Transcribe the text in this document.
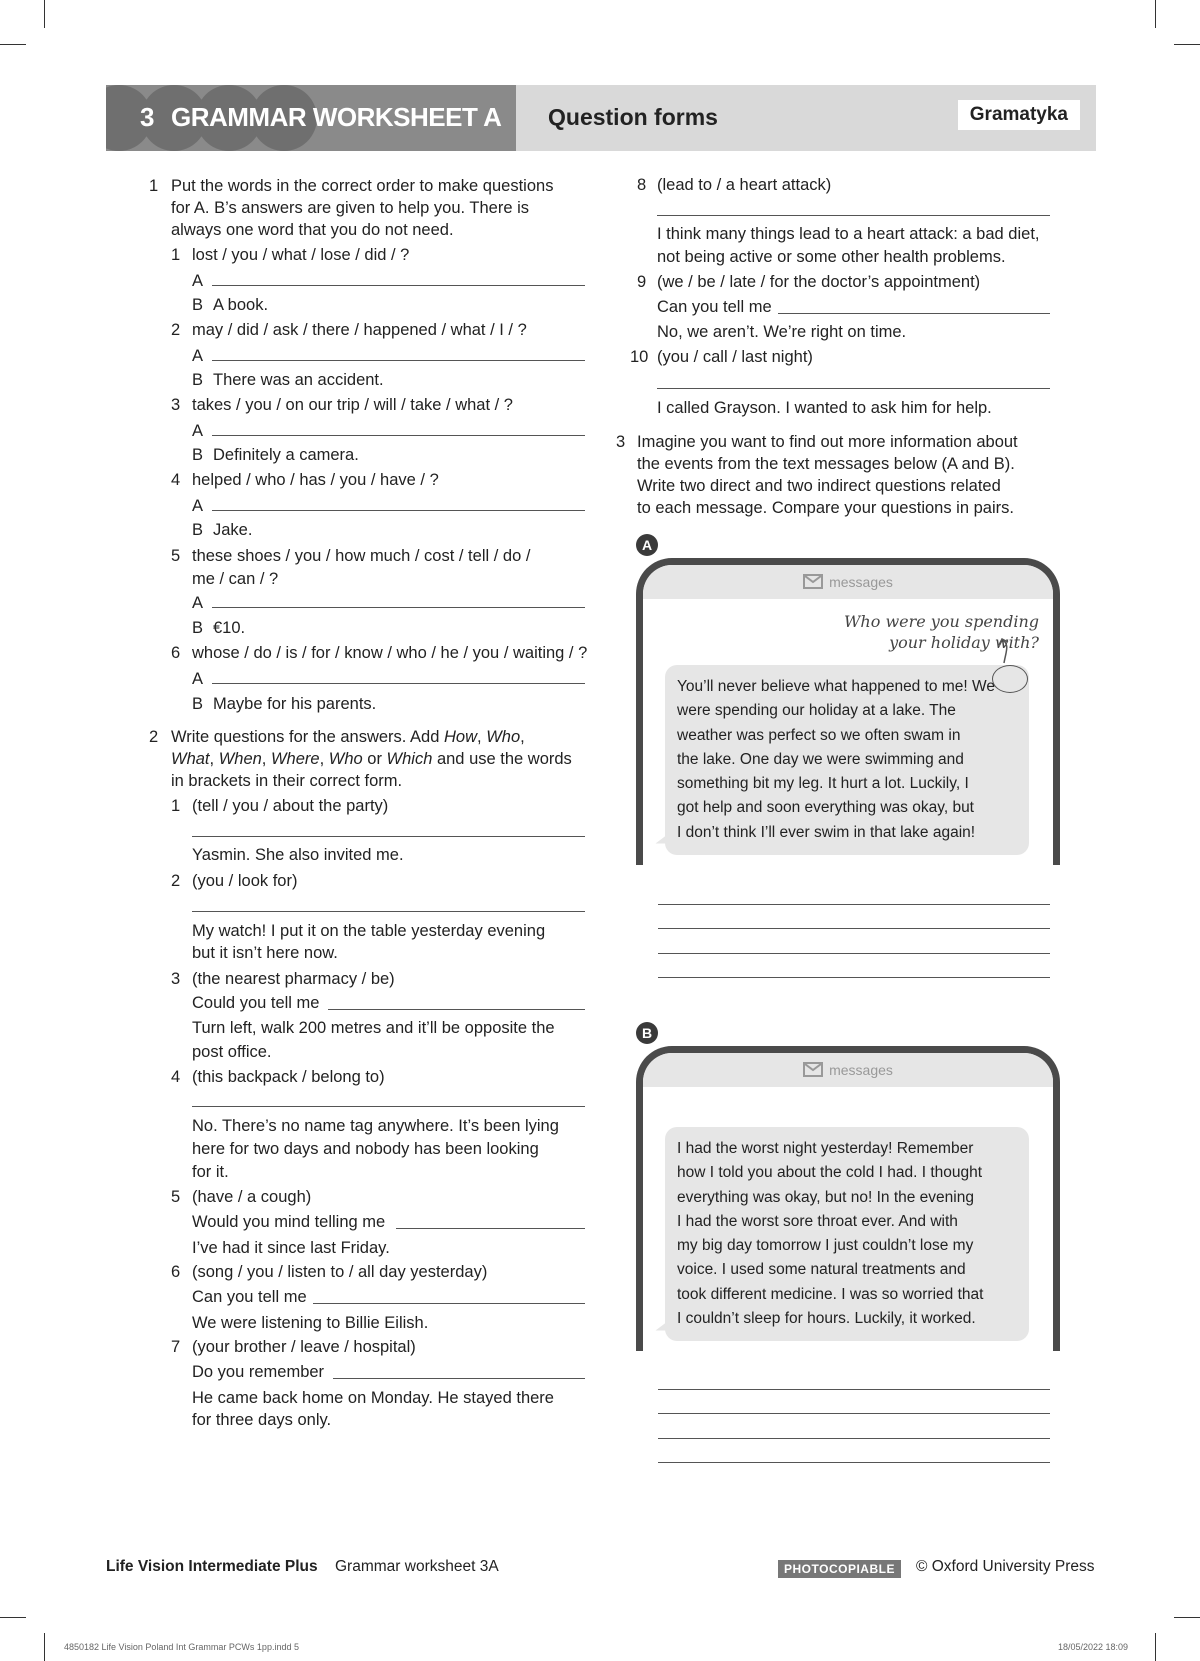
3 GRAMMAR WORKSHEET A Question forms	Gramatyka
1 Put the words in the correct order to make questions
for A. B’s answers are given to help you. There is
always one word that you do not need.
1 lost / you / what / lose / did / ?
A
B A book.
2 may / did / ask / there / happened / what / I / ?
A
B There was an accident.
3 takes / you / on our trip / will / take / what / ?
A
B Definitely a camera.
4 helped / who / has / you / have / ?
A
B Jake.
5 these shoes / you / how much / cost / tell / do /
me / can / ?
A
B €10.
6 whose / do / is / for / know / who / he / you / waiting / ?
A
B Maybe for his parents.
2 Write questions for the answers. Add How, Who,
What, When, Where, Who or Which and use the words
in brackets in their correct form.
1 (tell / you / about the party)
Yasmin. She also invited me.
2 (you / look for)
My watch! I put it on the table yesterday evening
but it isn’t here now.
3 (the nearest pharmacy / be)
Could you tell me
Turn left, walk 200 metres and it’ll be opposite the
post office.
4 (this backpack / belong to)
No. There’s no name tag anywhere. It’s been lying
here for two days and nobody has been looking
for it.
5 (have / a cough)
Would you mind telling me
I’ve had it since last Friday.
6 (song / you / listen to / all day yesterday)
Can you tell me
We were listening to Billie Eilish.
7 (your brother / leave / hospital)
Do you remember
He came back home on Monday. He stayed there
for three days only.
8 (lead to / a heart attack)
I think many things lead to a heart attack: a bad diet,
not being active or some other health problems.
9 (we / be / late / for the doctor’s appointment)
Can you tell me
No, we aren’t. We’re right on time.
10 (you / call / last night)
I called Grayson. I wanted to ask him for help.
3 Imagine you want to find out more information about
the events from the text messages below (A and B).
Write two direct and two indirect questions related
to each message. Compare your questions in pairs.
A
messages
Who were you spending
your holiday with?
You’ll never believe what happened to me! We
were spending our holiday at a lake. The
weather was perfect so we often swam in
the lake. One day we were swimming and
something bit my leg. It hurt a lot. Luckily, I
got help and soon everything was okay, but
I don’t think I’ll ever swim in that lake again!
B
messages
I had the worst night yesterday! Remember
how I told you about the cold I had. I thought
everything was okay, but no! In the evening
I had the worst sore throat ever. And with
my big day tomorrow I just couldn’t lose my
voice. I used some natural treatments and
took different medicine. I was so worried that
I couldn’t sleep for hours. Luckily, it worked.
Life Vision Intermediate Plus Grammar worksheet 3A	PHOTOCOPIABLE	© Oxford University Press
4850182 Life Vision Poland Int Grammar PCWs 1pp.indd 5	18/05/2022 18:09
